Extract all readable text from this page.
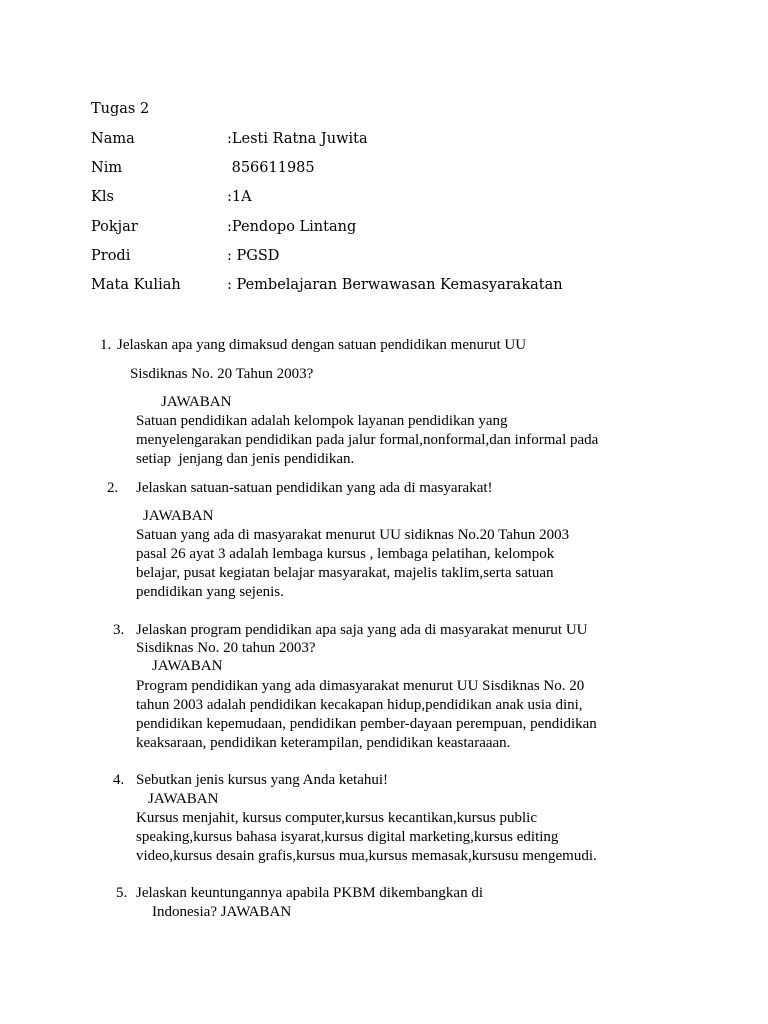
Tugas 2
Nama	:Lesti Ratna Juwita
Nim	856611985
Kls	:1A
Pokjar	:Pendopo Lintang
Prodi	: PGSD
Mata Kuliah	: Pembelajaran Berwawasan Kemasyarakatan
1. Jelaskan apa yang dimaksud dengan satuan pendidikan menurut UU
Sisdiknas No. 20 Tahun 2003?
JAWABAN
Satuan pendidikan adalah kelompok layanan pendidikan yang
menyelengarakan pendidikan pada jalur formal,nonformal,dan informal pada
setiap  jenjang dan jenis pendidikan.
2. Jelaskan satuan-satuan pendidikan yang ada di masyarakat!
JAWABAN
Satuan yang ada di masyarakat menurut UU sidiknas No.20 Tahun 2003
pasal 26 ayat 3 adalah lembaga kursus , lembaga pelatihan, kelompok
belajar, pusat kegiatan belajar masyarakat, majelis taklim,serta satuan
pendidikan yang sejenis.
3. Jelaskan program pendidikan apa saja yang ada di masyarakat menurut UU
Sisdiknas No. 20 tahun 2003?
JAWABAN
Program pendidikan yang ada dimasyarakat menurut UU Sisdiknas No. 20
tahun 2003 adalah pendidikan kecakapan hidup,pendidikan anak usia dini,
pendidikan kepemudaan, pendidikan pember-dayaan perempuan, pendidikan
keaksaraan, pendidikan keterampilan, pendidikan keastaraaan.
4. Sebutkan jenis kursus yang Anda ketahui!
JAWABAN
Kursus menjahit, kursus computer,kursus kecantikan,kursus public
speaking,kursus bahasa isyarat,kursus digital marketing,kursus editing
video,kursus desain grafis,kursus mua,kursus memasak,kursusu mengemudi.
5. Jelaskan keuntungannya apabila PKBM dikembangkan di
Indonesia? JAWABAN
